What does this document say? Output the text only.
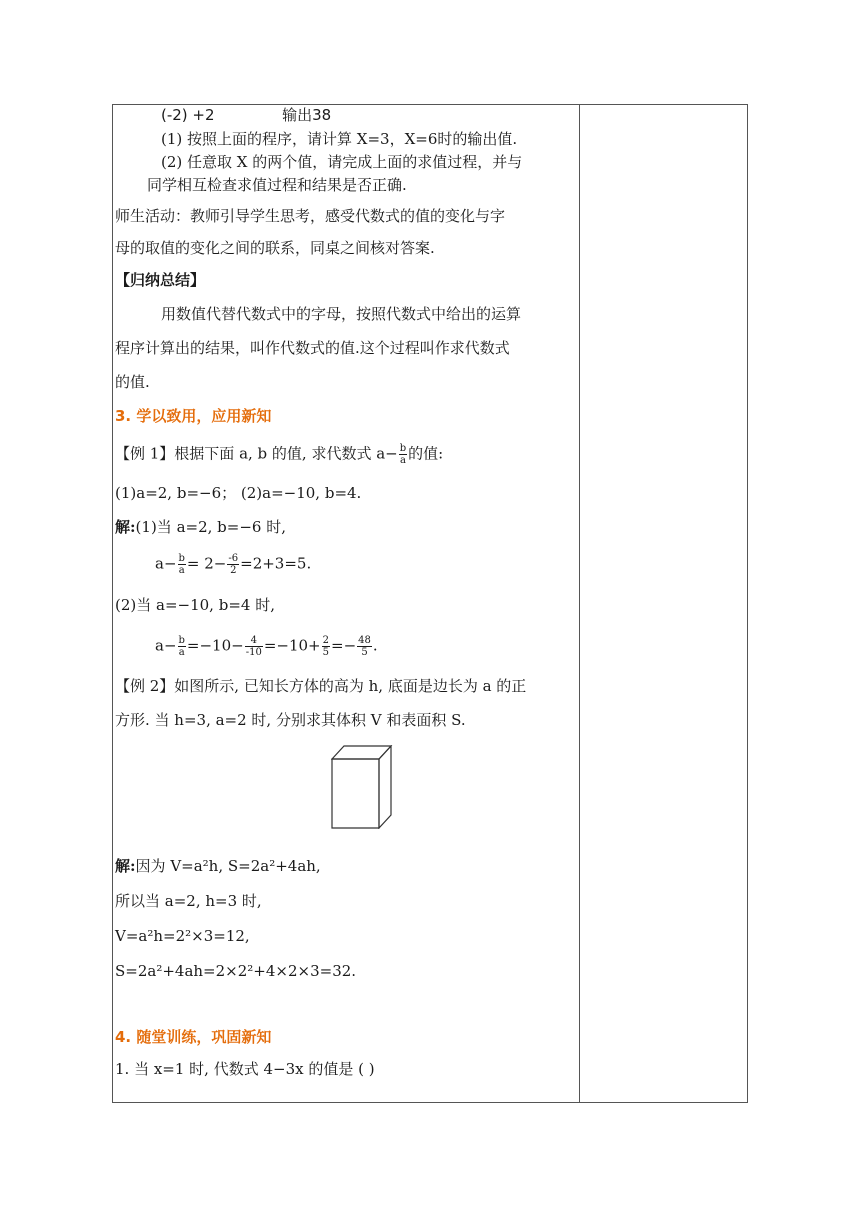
(-2) +2	输出38
(1) 按照上面的程序，请计算 X=3，X=6时的输出值.
(2) 任意取 X 的两个值，请完成上面的求值过程，并与
同学相互检查求值过程和结果是否正确.
师生活动：教师引导学生思考，感受代数式的值的变化与字
母的取值的变化之间的联系，同桌之间核对答案.
【归纳总结】
用数值代替代数式中的字母，按照代数式中给出的运算
程序计算出的结果，叫作代数式的值.这个过程叫作求代数式
的值.
3. 学以致用，应用新知
【例 1】根据下面 a, b 的值, 求代数式 $a- \frac{b}{a}$ 的值:
(1)a=2, b=−6； (2)a=−10, b=4.
解:(1)当 a=2, b=−6 时,
$a- \frac{b}{a} = 2- \frac{-6}{2} =2+3=5$.
(2)当 a=−10, b=4 时,
$a- \frac{b}{a} =-10- \frac{4}{-10} =-10+ \frac{2}{5} =- \frac{48}{5}$ .
【例 2】如图所示, 已知长方体的高为 h, 底面是边长为 a 的正
方形. 当 h=3, a=2 时, 分别求其体积 V 和表面积 S.
解:因为 V=a²h, S=2a²+4ah,
所以当 a=2, h=3 时,
V=a²h=2²×3=12,
S=2a²+4ah=2×2²+4×2×3=32.
4. 随堂训练，巩固新知
1. 当 x=1 时, 代数式 4−3x 的值是 ( )
